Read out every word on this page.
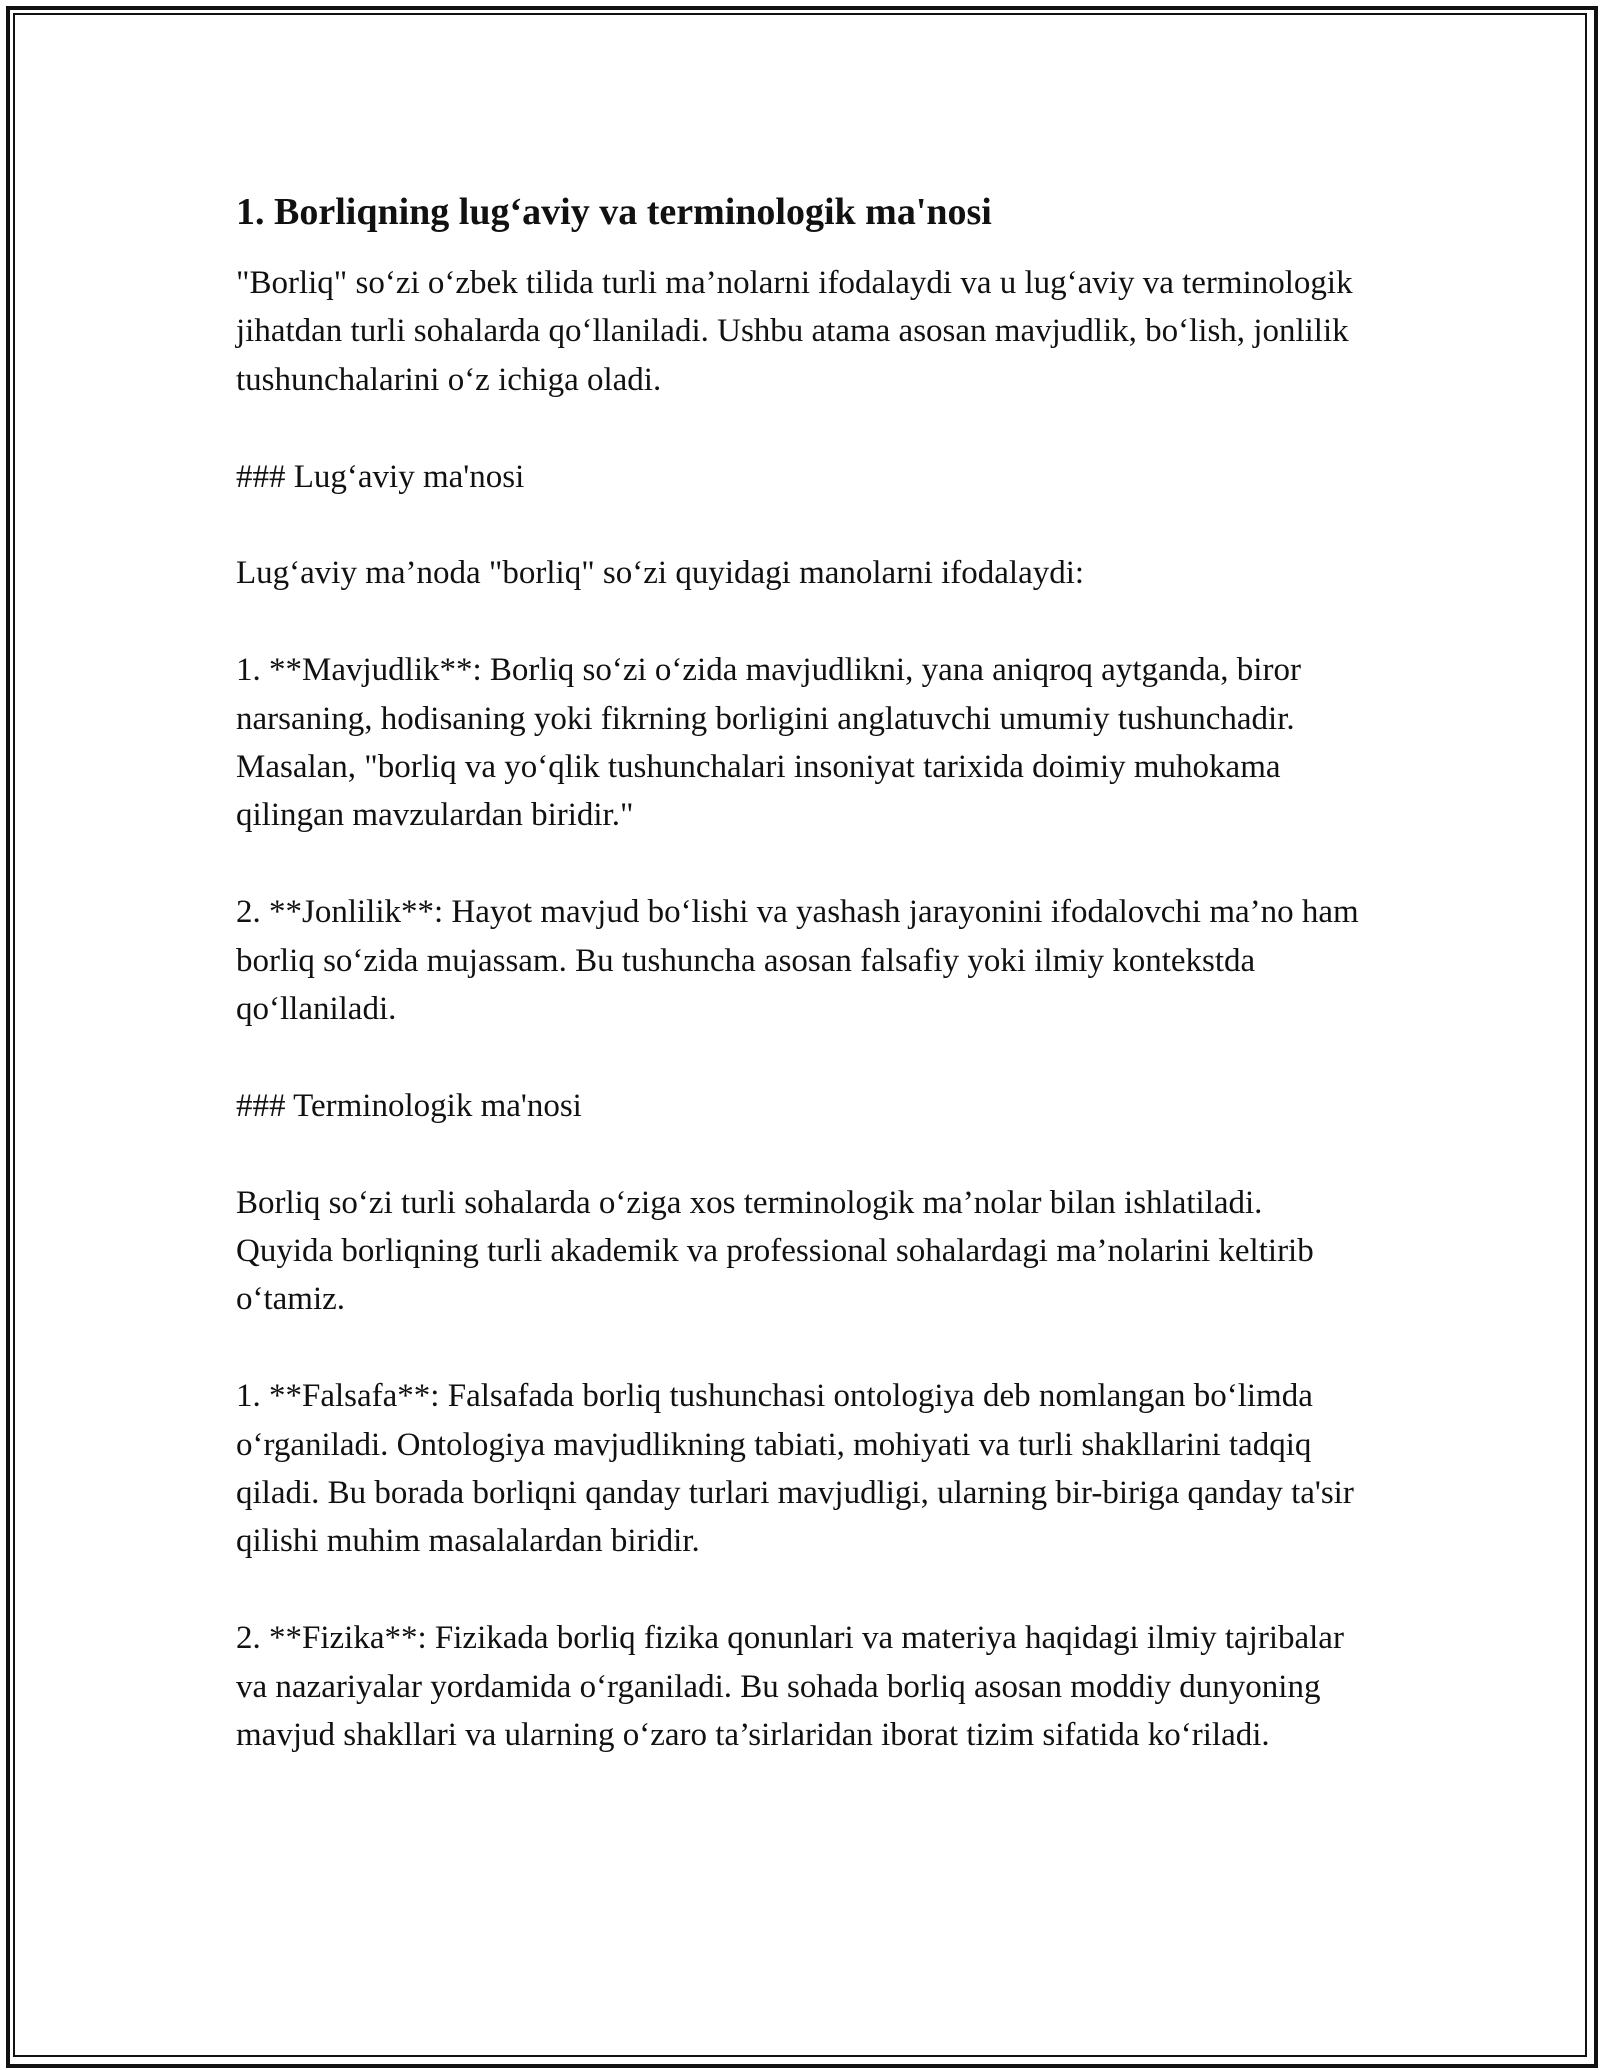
1. Borliqning lug‘aviy va terminologik ma'nosi

"Borliq" so‘zi o‘zbek tilida turli ma’nolarni ifodalaydi va u lug‘aviy va terminologik jihatdan turli sohalarda qo‘llaniladi. Ushbu atama asosan mavjudlik, bo‘lish, jonlilik tushunchalarini o‘z ichiga oladi.

### Lug‘aviy ma'nosi

Lug‘aviy ma’noda "borliq" so‘zi quyidagi manolarni ifodalaydi:

1. **Mavjudlik**: Borliq so‘zi o‘zida mavjudlikni, yana aniqroq aytganda, biror narsaning, hodisaning yoki fikrning borligini anglatuvchi umumiy tushunchadir. Masalan, "borliq va yo‘qlik tushunchalari insoniyat tarixida doimiy muhokama qilingan mavzulardan biridir."

2. **Jonlilik**: Hayot mavjud bo‘lishi va yashash jarayonini ifodalovchi ma’no ham borliq so‘zida mujassam. Bu tushuncha asosan falsafiy yoki ilmiy kontekstda qo‘llaniladi.

### Terminologik ma'nosi

Borliq so‘zi turli sohalarda o‘ziga xos terminologik ma’nolar bilan ishlatiladi. Quyida borliqning turli akademik va professional sohalardagi ma’nolarini keltirib o‘tamiz.

1. **Falsafa**: Falsafada borliq tushunchasi ontologiya deb nomlangan bo‘limda o‘rganiladi. Ontologiya mavjudlikning tabiati, mohiyati va turli shakllarini tadqiq qiladi. Bu borada borliqni qanday turlari mavjudligi, ularning bir-biriga qanday ta'sir qilishi muhim masalalardan biridir.

2. **Fizika**: Fizikada borliq fizika qonunlari va materiya haqidagi ilmiy tajribalar va nazariyalar yordamida o‘rganiladi. Bu sohada borliq asosan moddiy dunyoning mavjud shakllari va ularning o‘zaro ta’sirlaridan iborat tizim sifatida ko‘riladi.
